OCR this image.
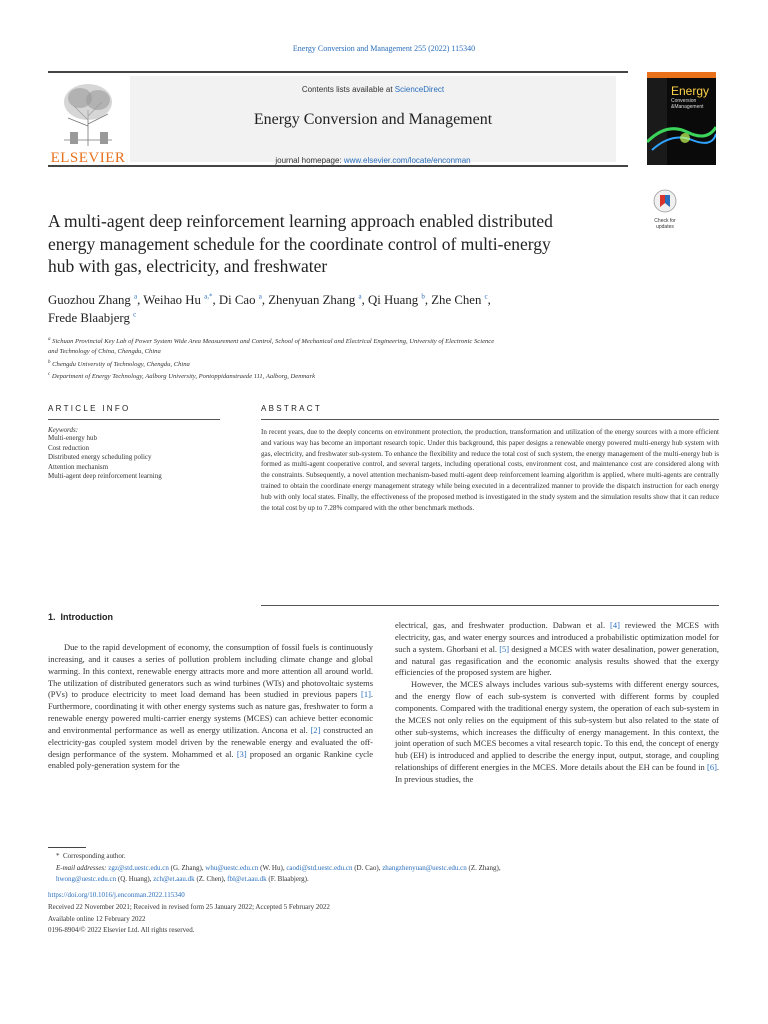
Energy Conversion and Management 255 (2022) 115340
ELSEVIER
Contents lists available at ScienceDirect
Energy Conversion and Management
journal homepage: www.elsevier.com/locate/enconman
Energy
Conversion
&Management
A multi-agent deep reinforcement learning approach enabled distributed
energy management schedule for the coordinate control of multi-energy
hub with gas, electricity, and freshwater
Check for
updates
Guozhou Zhang $^a$, Weihao Hu $^{a,*}$, Di Cao $^a$, Zhenyuan Zhang $^a$, Qi Huang $^b$, Zhe Chen $^c$,
Frede Blaabjerg $^c$
$^a$ Sichuan Provincial Key Lab of Power System Wide Area Measurement and Control, School of Mechanical and Electrical Engineering, University of Electronic Science
and Technology of China, Chengdu, China
$^b$ Chengdu University of Technology, Chengdu, China
$^c$ Department of Energy Technology, Aalborg University, Pontoppidanstraede 111, Aalborg, Denmark
ARTICLE INFO
Keywords:
Multi-energy hub
Cost reduction
Distributed energy scheduling policy
Attention mechanism
Multi-agent deep reinforcement learning
ABSTRACT
In recent years, due to the deeply concerns on environment protection, the production, transformation and utilization of the energy sources with a more efficient and various way has become an important research topic. Under this background, this paper designs a renewable energy powered multi-energy hub system with gas, electricity, and freshwater sub-system. To enhance the flexibility and reduce the total cost of such system, the energy management of the multi-energy hub is formed as multi-agent cooperative control, and several targets, including operational costs, environment cost, and maintenance cost are considered along with the constraints. Subsequently, a novel attention mechanism-based multi-agent deep reinforcement learning algorithm is applied, where multi-agents are centrally trained to obtain the coordinate energy management strategy while being executed in a decentralized manner to provide the dispatch instruction for each energy hub with only local states. Finally, the effectiveness of the proposed method is investigated in the study system and the simulation results show that it can reduce the total cost by up to 7.28% compared with the other benchmark methods.
1. Introduction

Due to the rapid development of economy, the consumption of fossil fuels is continuously increasing, and it causes a series of pollution problem including climate change and global warming. In this context, renewable energy attracts more and more attention all around world. The utilization of distributed generators such as wind turbines (WTs) and photovoltaic systems (PVs) to produce electricity to meet load demand has been studied in previous papers [1]. Furthermore, coordinating it with other energy systems such as nature gas, freshwater to form a renewable energy powered multi-carrier energy systems (MCES) can achieve better economic and environmental performance as well as energy utilization. Ancona et al. [2] constructed an electricity-gas coupled system model driven by the renewable energy and evaluated the off-design performance of the system. Mohammed et al. [3] proposed an organic Rankine cycle enabled poly-generation system for the

electrical, gas, and freshwater production. Dabwan et al. [4] reviewed the MCES with electricity, gas, and water energy sources and introduced a probabilistic optimization model for such a system. Ghorbani et al. [5] designed a MCES with water desalination, power generation, and natural gas regasification and the economic analysis results showed that the exergy efficiencies of the proposed system are higher.

However, the MCES always includes various sub-systems with different energy sources, and the energy flow of each sub-system is converted with different forms by coupled components. Compared with the traditional energy system, the operation of each sub-system in the MCES not only relies on the equipment of this sub-system but also related to the state of other sub-systems, which increases the difficulty of energy management. In this context, the joint operation of such MCES becomes a vital research topic. To this end, the concept of energy hub (EH) is introduced and applied to describe the energy input, output, storage, and coupling relationships of different energies in the MCES. More details about the EH can be found in [6]. In previous studies, the

*  Corresponding author.
E-mail addresses: zgz@std.uestc.edu.cn (G. Zhang), whu@uestc.edu.cn (W. Hu), caodi@std.uestc.edu.cn (D. Cao), zhangzhenyuan@uestc.edu.cn (Z. Zhang),
hwong@uestc.edu.cn (Q. Huang), zch@et.aau.dk (Z. Chen), fbl@et.aau.dk (F. Blaabjerg).
https://doi.org/10.1016/j.enconman.2022.115340
Received 22 November 2021; Received in revised form 25 January 2022; Accepted 5 February 2022
Available online 12 February 2022
0196-8904/© 2022 Elsevier Ltd. All rights reserved.
